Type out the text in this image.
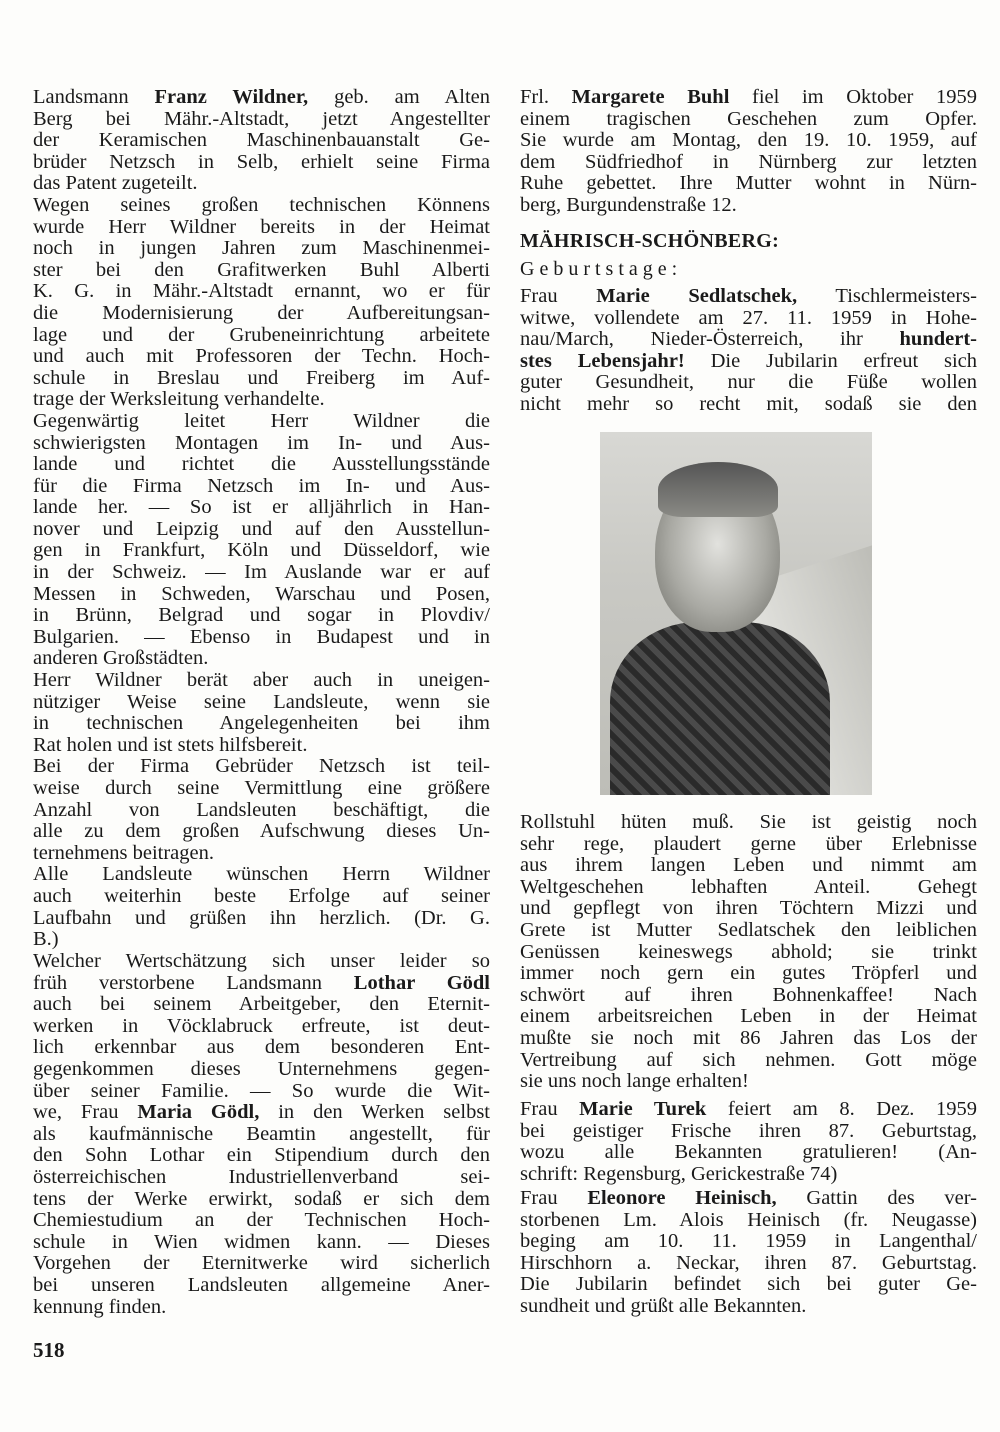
Landsmann Franz Wildner, geb. am Alten
Berg bei Mähr.-Altstadt, jetzt Angestellter
der Keramischen Maschinenbauanstalt Ge-
brüder Netzsch in Selb, erhielt seine Firma
das Patent zugeteilt.
Wegen seines großen technischen Könnens
wurde Herr Wildner bereits in der Heimat
noch in jungen Jahren zum Maschinenmei-
ster bei den Grafitwerken Buhl Alberti
K. G. in Mähr.-Altstadt ernannt, wo er für
die Modernisierung der Aufbereitungsan-
lage und der Grubeneinrichtung arbeitete
und auch mit Professoren der Techn. Hoch-
schule in Breslau und Freiberg im Auf-
trage der Werksleitung verhandelte.
Gegenwärtig leitet Herr Wildner die
schwierigsten Montagen im In- und Aus-
lande und richtet die Ausstellungsstände
für die Firma Netzsch im In- und Aus-
lande her. — So ist er alljährlich in Han-
nover und Leipzig und auf den Ausstellun-
gen in Frankfurt, Köln und Düsseldorf, wie
in der Schweiz. — Im Auslande war er auf
Messen in Schweden, Warschau und Posen,
in Brünn, Belgrad und sogar in Plovdiv/
Bulgarien. — Ebenso in Budapest und in
anderen Großstädten.
Herr Wildner berät aber auch in uneigen-
nütziger Weise seine Landsleute, wenn sie
in technischen Angelegenheiten bei ihm
Rat holen und ist stets hilfsbereit.
Bei der Firma Gebrüder Netzsch ist teil-
weise durch seine Vermittlung eine größere
Anzahl von Landsleuten beschäftigt, die
alle zu dem großen Aufschwung dieses Un-
ternehmens beitragen.
Alle Landsleute wünschen Herrn Wildner
auch weiterhin beste Erfolge auf seiner
Laufbahn und grüßen ihn herzlich. (Dr. G.
B.)
Welcher Wertschätzung sich unser leider so
früh verstorbene Landsmann Lothar Gödl
auch bei seinem Arbeitgeber, den Eternit-
werken in Vöcklabruck erfreute, ist deut-
lich erkennbar aus dem besonderen Ent-
gegenkommen dieses Unternehmens gegen-
über seiner Familie. — So wurde die Wit-
we, Frau Maria Gödl, in den Werken selbst
als kaufmännische Beamtin angestellt, für
den Sohn Lothar ein Stipendium durch den
österreichischen Industriellenverband sei-
tens der Werke erwirkt, sodaß er sich dem
Chemiestudium an der Technischen Hoch-
schule in Wien widmen kann. — Dieses
Vorgehen der Eternitwerke wird sicherlich
bei unseren Landsleuten allgemeine Aner-
kennung finden.
Frl. Margarete Buhl fiel im Oktober 1959
einem tragischen Geschehen zum Opfer.
Sie wurde am Montag, den 19. 10. 1959, auf
dem Südfriedhof in Nürnberg zur letzten
Ruhe gebettet. Ihre Mutter wohnt in Nürn-
berg, Burgundenstraße 12.
MÄHRISCH-SCHÖNBERG:
Geburtstage:
Frau Marie Sedlatschek, Tischlermeisters-
witwe, vollendete am 27. 11. 1959 in Hohe-
nau/March, Nieder-Österreich, ihr hundert-
stes Lebensjahr! Die Jubilarin erfreut sich
guter Gesundheit, nur die Füße wollen
nicht mehr so recht mit, sodaß sie den
Rollstuhl hüten muß. Sie ist geistig noch
sehr rege, plaudert gerne über Erlebnisse
aus ihrem langen Leben und nimmt am
Weltgeschehen lebhaften Anteil. Gehegt
und gepflegt von ihren Töchtern Mizzi und
Grete ist Mutter Sedlatschek den leiblichen
Genüssen keineswegs abhold; sie trinkt
immer noch gern ein gutes Tröpferl und
schwört auf ihren Bohnenkaffee! Nach
einem arbeitsreichen Leben in der Heimat
mußte sie noch mit 86 Jahren das Los der
Vertreibung auf sich nehmen. Gott möge
sie uns noch lange erhalten!
Frau Marie Turek feiert am 8. Dez. 1959
bei geistiger Frische ihren 87. Geburtstag,
wozu alle Bekannten gratulieren! (An-
schrift: Regensburg, Gerickestraße 74)
Frau Eleonore Heinisch, Gattin des ver-
storbenen Lm. Alois Heinisch (fr. Neugasse)
beging am 10. 11. 1959 in Langenthal/
Hirschhorn a. Neckar, ihren 87. Geburtstag.
Die Jubilarin befindet sich bei guter Ge-
sundheit und grüßt alle Bekannten.
518
